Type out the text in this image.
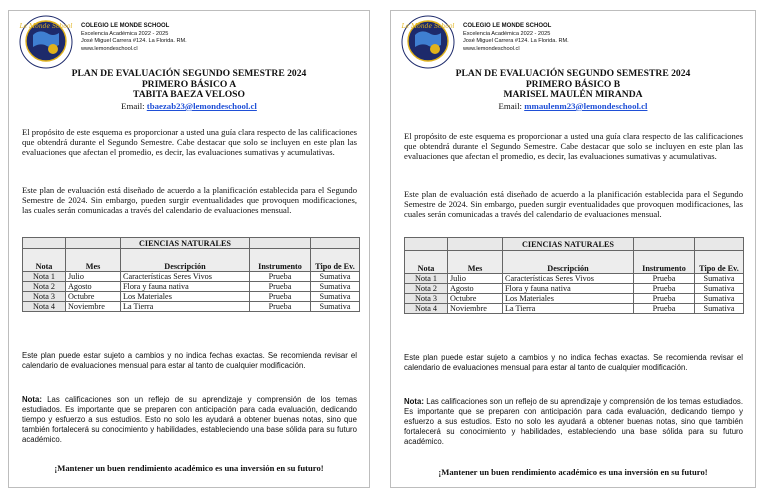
Le Monde School COLEGIO LE MONDE SCHOOL
Excelencia Académica 2022 - 2025
José Miguel Carrera #124. La Florida. RM.
www.lemondeschool.cl

PLAN DE EVALUACIÓN SEGUNDO SEMESTRE 2024

PRIMERO BÁSICO A

TABITA BAEZA VELOSO

Email: tbaezab23@lemondeschool.cl

El propósito de este esquema es proporcionar a usted una guía clara respecto de las calificaciones que obtendrá durante el Segundo Semestre. Cabe destacar que solo se incluyen en este plan las evaluaciones que afectan el promedio, es decir, las evaluaciones sumativas y acumulativas.

Este plan de evaluación está diseñado de acuerdo a la planificación establecida para el Segundo Semestre de 2024. Sin embargo, pueden surgir eventualidades que provoquen modificaciones, las cuales serán comunicadas a través del calendario de evaluaciones mensual.

		CIENCIAS NATURALES		
Nota	Mes	Descripción	Instrumento	Tipo de Ev.
Nota 1	Julio	Características Seres Vivos	Prueba	Sumativa
Nota 2	Agosto	Flora y fauna nativa	Prueba	Sumativa
Nota 3	Octubre	Los Materiales	Prueba	Sumativa
Nota 4	Noviembre	La Tierra	Prueba	Sumativa

Este plan puede estar sujeto a cambios y no indica fechas exactas. Se recomienda revisar el calendario de evaluaciones mensual para estar al tanto de cualquier modificación.

Nota: Las calificaciones son un reflejo de su aprendizaje y comprensión de los temas estudiados. Es importante que se preparen con anticipación para cada evaluación, dedicando tiempo y esfuerzo a sus estudios. Esto no solo les ayudará a obtener buenas notas, sino que también fortalecerá su conocimiento y habilidades, estableciendo una base sólida para su futuro académico.

¡Mantener un buen rendimiento académico es una inversión en su futuro!
Le Monde School COLEGIO LE MONDE SCHOOL
Excelencia Académica 2022 - 2025
José Miguel Carrera #124. La Florida. RM.
www.lemondeschool.cl

PLAN DE EVALUACIÓN SEGUNDO SEMESTRE 2024

PRIMERO BÁSICO B

MARISEL MAULÉN MIRANDA

Email: mmaulenm23@lemondeschool.cl

El propósito de este esquema es proporcionar a usted una guía clara respecto de las calificaciones que obtendrá durante el Segundo Semestre. Cabe destacar que solo se incluyen en este plan las evaluaciones que afectan el promedio, es decir, las evaluaciones sumativas y acumulativas.

Este plan de evaluación está diseñado de acuerdo a la planificación establecida para el Segundo Semestre de 2024. Sin embargo, pueden surgir eventualidades que provoquen modificaciones, las cuales serán comunicadas a través del calendario de evaluaciones mensual.

		CIENCIAS NATURALES		
Nota	Mes	Descripción	Instrumento	Tipo de Ev.
Nota 1	Julio	Características Seres Vivos	Prueba	Sumativa
Nota 2	Agosto	Flora y fauna nativa	Prueba	Sumativa
Nota 3	Octubre	Los Materiales	Prueba	Sumativa
Nota 4	Noviembre	La Tierra	Prueba	Sumativa

Este plan puede estar sujeto a cambios y no indica fechas exactas. Se recomienda revisar el calendario de evaluaciones mensual para estar al tanto de cualquier modificación.

Nota: Las calificaciones son un reflejo de su aprendizaje y comprensión de los temas estudiados. Es importante que se preparen con anticipación para cada evaluación, dedicando tiempo y esfuerzo a sus estudios. Esto no solo les ayudará a obtener buenas notas, sino que también fortalecerá su conocimiento y habilidades, estableciendo una base sólida para su futuro académico.

¡Mantener un buen rendimiento académico es una inversión en su futuro!
